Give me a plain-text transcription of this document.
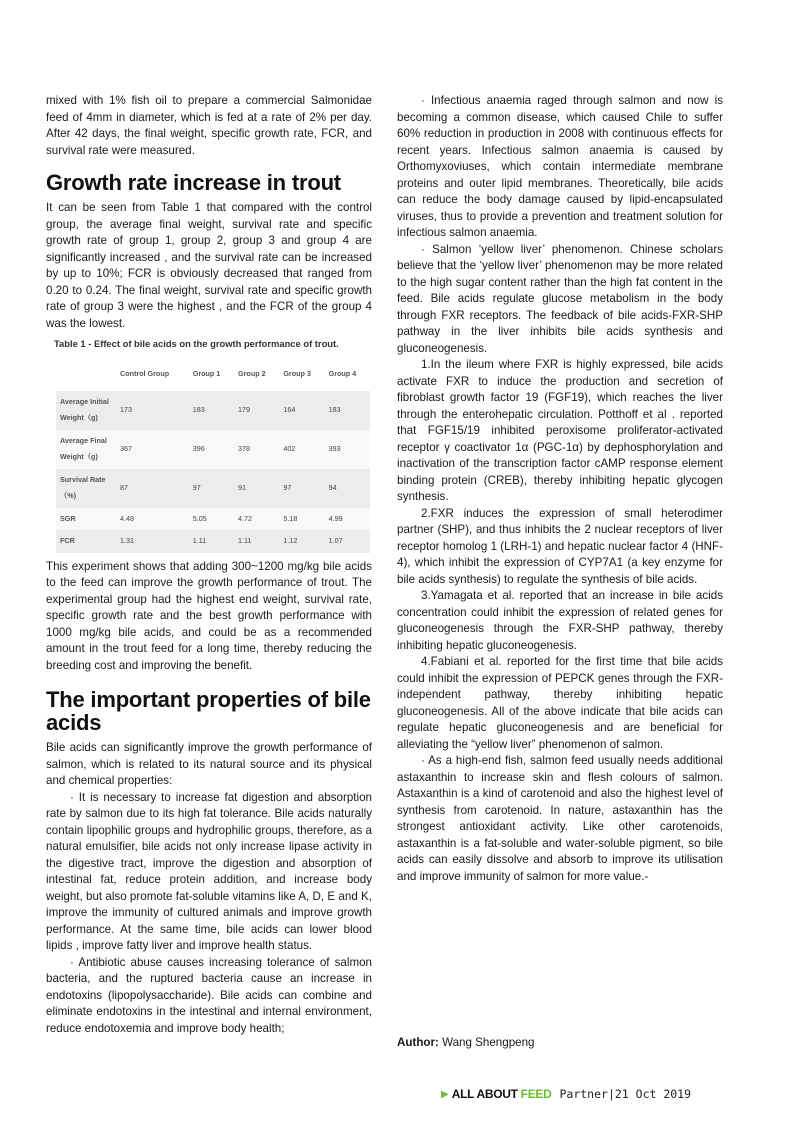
mixed with 1% fish oil to prepare a commercial Salmonidae feed of 4mm in diameter, which is fed at a rate of 2% per day. After 42 days, the final weight, specific growth rate, FCR, and survival rate were measured.

Growth rate increase in trout

It can be seen from Table 1 that compared with the control group, the average final weight, survival rate and specific growth rate of group 1, group 2, group 3 and group 4 are significantly increased , and the survival rate can be increased by up to 10%; FCR is obviously decreased that ranged from 0.20 to 0.24. The final weight, survival rate and specific growth rate of group 3 were the highest , and the FCR of the group 4 was the lowest.

Table 1 - Effect of bile acids on the growth performance of trout.
	Control Group	Group 1	Group 2	Group 3	Group 4
Average Initial Weight（g)	173	183	179	164	183
Average Final Weight（g)	367	396	378	402	393
Survival Rate（%)	87	97	91	97	94
SGR	4.48	5.05	4.72	5.18	4.99
FCR	1.31	1.11	1.11	1.12	1.07

This experiment shows that adding 300~1200 mg/kg bile acids to the feed can improve the growth performance of trout. The experimental group had the highest end weight, survival rate, specific growth rate and the best growth performance with 1000 mg/kg bile acids, and could be as a recommended amount in the trout feed for a long time, thereby reducing the breeding cost and improving the benefit.

The important properties of bile acids

Bile acids can significantly improve the growth performance of salmon, which is related to its natural source and its physical and chemical properties:

· It is necessary to increase fat digestion and absorption rate by salmon due to its high fat tolerance. Bile acids naturally contain lipophilic groups and hydrophilic groups, therefore, as a natural emulsifier, bile acids not only increase lipase activity in the digestive tract, improve the digestion and absorption of intestinal fat, reduce protein addition, and increase body weight, but also promote fat-soluble vitamins like A, D, E and K, improve the immunity of cultured animals and improve growth performance. At the same time, bile acids can lower blood lipids , improve fatty liver and improve health status.

· Antibiotic abuse causes increasing tolerance of salmon bacteria, and the ruptured bacteria cause an increase in endotoxins (lipopolysaccharide). Bile acids can combine and eliminate endotoxins in the intestinal and internal environment, reduce endotoxemia and improve body health;

· Infectious anaemia raged through salmon and now is becoming a common disease, which caused Chile to suffer 60% reduction in production in 2008 with continuous effects for recent years. Infectious salmon anaemia is caused by Orthomyxoviuses, which contain intermediate membrane proteins and outer lipid membranes. Theoretically, bile acids can reduce the body damage caused by lipid-encapsulated viruses, thus to provide a prevention and treatment solution for infectious salmon anaemia.

· Salmon ‘yellow liver’ phenomenon. Chinese scholars believe that the ‘yellow liver’ phenomenon may be more related to the high sugar content rather than the high fat content in the feed. Bile acids regulate glucose metabolism in the body through FXR receptors. The feedback of bile acids-FXR-SHP pathway in the liver inhibits bile acids synthesis and gluconeogenesis.

1.In the ileum where FXR is highly expressed, bile acids activate FXR to induce the production and secretion of fibroblast growth factor 19 (FGF19), which reaches the liver through the enterohepatic circulation. Potthoff et al . reported that FGF15/19 inhibited peroxisome proliferator-activated receptor γ coactivator 1α (PGC-1α) by dephosphorylation and inactivation of the transcription factor cAMP response element binding protein (CREB), thereby inhibiting hepatic glycogen synthesis.

2.FXR induces the expression of small heterodimer partner (SHP), and thus inhibits the 2 nuclear receptors of liver receptor homolog 1 (LRH-1) and hepatic nuclear factor 4 (HNF-4), which inhibit the expression of CYP7A1 (a key enzyme for bile acids synthesis) to regulate the synthesis of bile acids.

3.Yamagata et al. reported that an increase in bile acids concentration could inhibit the expression of related genes for gluconeogenesis through the FXR-SHP pathway, thereby inhibiting hepatic gluconeogenesis.

4.Fabiani et al. reported for the first time that bile acids could inhibit the expression of PEPCK genes through the FXR-independent pathway, thereby inhibiting hepatic gluconeogenesis. All of the above indicate that bile acids can regulate hepatic gluconeogenesis and are beneficial for alleviating the “yellow liver” phenomenon of salmon.

· As a high-end fish, salmon feed usually needs additional astaxanthin to increase skin and flesh colours of salmon. Astaxanthin is a kind of carotenoid and also the highest level of synthesis from carotenoid. In nature, astaxanthin has the strongest antioxidant activity. Like other carotenoids, astaxanthin is a fat-soluble and water-soluble pigment, so bile acids can easily dissolve and absorb to improve its utilisation and improve immunity of salmon for more value.-

Author: Wang Shengpeng
▶ ALL ABOUT FEED Partner|21 Oct 2019
